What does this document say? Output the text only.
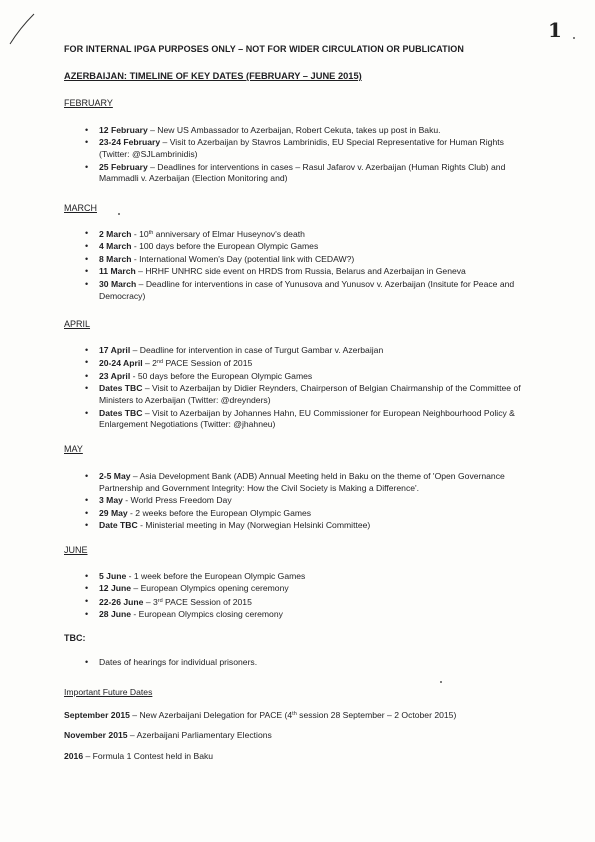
1
FOR INTERNAL IPGA PURPOSES ONLY – NOT FOR WIDER CIRCULATION OR PUBLICATION
AZERBAIJAN: TIMELINE OF KEY DATES (FEBRUARY – JUNE 2015)
FEBRUARY
• 12 February – New US Ambassador to Azerbaijan, Robert Cekuta, takes up post in Baku.
• 23-24 February – Visit to Azerbaijan by Stavros Lambrinidis, EU Special Representative for Human Rights (Twitter: @SJLambrinidis)
• 25 February – Deadlines for interventions in cases – Rasul Jafarov v. Azerbaijan (Human Rights Club) and Mammadli v. Azerbaijan (Election Monitoring and)
MARCH
• 2 March - 10th anniversary of Elmar Huseynov's death
• 4 March - 100 days before the European Olympic Games
• 8 March - International Women's Day (potential link with CEDAW?)
• 11 March – HRHF UNHRC side event on HRDS from Russia, Belarus and Azerbaijan in Geneva
• 30 March – Deadline for interventions in case of Yunusova and Yunusov v. Azerbaijan (Insitute for Peace and Democracy)
APRIL
• 17 April – Deadline for intervention in case of Turgut Gambar v. Azerbaijan
• 20-24 April – 2nd PACE Session of 2015
• 23 April - 50 days before the European Olympic Games
• Dates TBC – Visit to Azerbaijan by Didier Reynders, Chairperson of Belgian Chairmanship of the Committee of Ministers to Azerbaijan (Twitter: @dreynders)
• Dates TBC – Visit to Azerbaijan by Johannes Hahn, EU Commissioner for European Neighbourhood Policy & Enlargement Negotiations (Twitter: @jhahneu)
MAY
• 2-5 May – Asia Development Bank (ADB) Annual Meeting held in Baku on the theme of 'Open Governance Partnership and Government Integrity: How the Civil Society is Making a Difference'.
• 3 May - World Press Freedom Day
• 29 May - 2 weeks before the European Olympic Games
• Date TBC - Ministerial meeting in May (Norwegian Helsinki Committee)
JUNE
• 5 June - 1 week before the European Olympic Games
• 12 June – European Olympics opening ceremony
• 22-26 June – 3rd PACE Session of 2015
• 28 June - European Olympics closing ceremony
TBC:
• Dates of hearings for individual prisoners.
Important Future Dates
September 2015 – New Azerbaijani Delegation for PACE (4th session 28 September – 2 October 2015)
November 2015 – Azerbaijani Parliamentary Elections
2016 – Formula 1 Contest held in Baku
